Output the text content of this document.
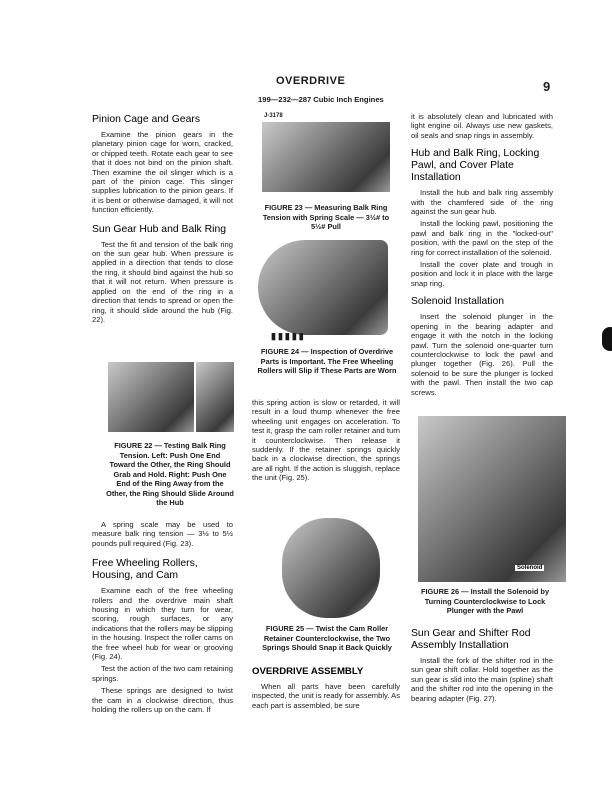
OVERDRIVE	9
199—232—287 Cubic Inch Engines
Pinion Cage and Gears

Examine the pinion gears in the planetary pinion cage for worn, cracked, or chipped teeth. Rotate each gear to see that it does not bind on the pinion shaft. Then examine the oil slinger which is a part of the pinion cage. This slinger supplies lubrication to the pinion gears. If it is bent or otherwise damaged, it will not function efficiently.

Sun Gear Hub and Balk Ring

Test the fit and tension of the balk ring on the sun gear hub. When pressure is applied in a direction that tends to close the ring, it should bind against the hub so that it will not return. When pressure is applied on the end of the ring in a direction that tends to spread or open the ring, it should slide around the hub (Fig. 22).

FIGURE 22 — Testing Balk Ring Tension. Left: Push One End Toward the Other, the Ring Should Grab and Hold. Right: Push One End of the Ring Away from the Other, the Ring Should Slide Around the Hub

A spring scale may be used to measure balk ring tension — 3½ to 5½ pounds pull required (Fig. 23).

Free Wheeling Rollers, Housing, and Cam

Examine each of the free wheeling rollers and the overdrive main shaft housing in which they turn for wear, scoring, rough surfaces, or any indications that the rollers may be slipping in the housing. Inspect the roller cams on the free wheel hub for wear or grooving (Fig. 24).

Test the action of the two cam retaining springs.

These springs are designed to twist the cam in a clockwise direction, thus holding the rollers up on the cam. If

J-3178

FIGURE 23 — Measuring Balk Ring Tension with Spring Scale — 3½# to 5½# Pull

▮▮▮▮▮

FIGURE 24 — Inspection of Overdrive Parts is Important. The Free Wheeling Rollers will Slip if These Parts are Worn

this spring action is slow or retarded, it will result in a loud thump whenever the free wheeling unit engages on acceleration. To test it, grasp the cam roller retainer and turn it counterclockwise. Then release it suddenly. If the retainer springs quickly back in a clockwise direction, the springs are all right. If the action is sluggish, replace the unit (Fig. 25).

FIGURE 25 — Twist the Cam Roller Retainer Counterclockwise, the Two Springs Should Snap it Back Quickly

OVERDRIVE ASSEMBLY

When all parts have been carefully inspected, the unit is ready for assembly. As each part is assembled, be sure

it is absolutely clean and lubricated with light engine oil. Always use new gaskets, oil seals and snap rings in assembly.

Hub and Balk Ring, Locking Pawl, and Cover Plate Installation

Install the hub and balk ring assembly with the chamfered side of the ring against the sun gear hub.

Install the locking pawl, positioning the pawl and balk ring in the "locked-out" position, with the pawl on the step of the ring for correct installation of the solenoid.

Install the cover plate and trough in position and lock it in place with the large snap ring.

Solenoid Installation

Insert the solenoid plunger in the opening in the bearing adapter and engage it with the notch in the locking pawl. Turn the solenoid one-quarter turn counterclockwise to lock the pawl and plunger together (Fig. 26). Pull the solenoid to be sure the plunger is locked with the pawl. Then install the two cap screws.

Solenoid

FIGURE 26 — Install the Solenoid by Turning Counterclockwise to Lock Plunger with the Pawl

Sun Gear and Shifter Rod Assembly Installation

Install the fork of the shifter rod in the sun gear shift collar. Hold together as the sun gear is slid into the main (spline) shaft and the shifter rod into the opening in the bearing adapter (Fig. 27).
